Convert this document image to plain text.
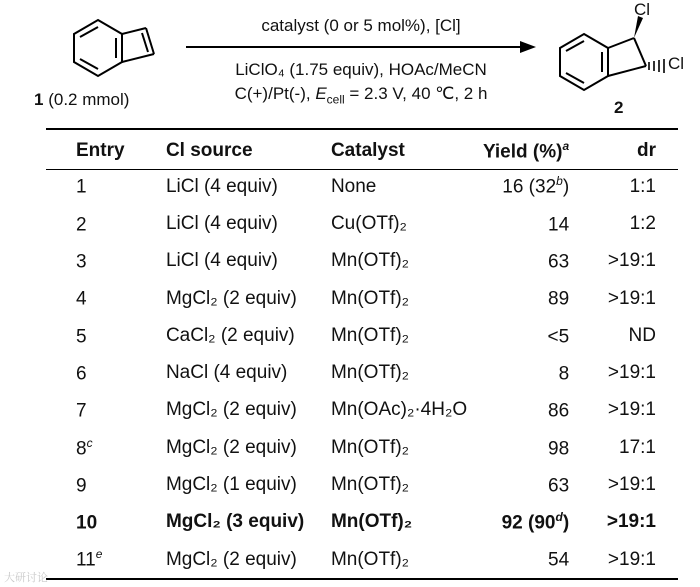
1 (0.2 mmol)
catalyst (0 or 5 mol%), [Cl]
LiClO₄ (1.75 equiv), HOAc/MeCN
C(+)/Pt(-), $E_{cell} = 2.3$ V, 40 ℃, 2 h
Cl
Cl
2
Entry	Cl source	Catalyst	Yield (%)$^a$	dr
1	LiCl (4 equiv)	None	16 (32$^b$)	1:1
2	LiCl (4 equiv)	Cu(OTf)₂	14	1:2
3	LiCl (4 equiv)	Mn(OTf)₂	63	>19:1
4	MgCl₂ (2 equiv)	Mn(OTf)₂	89	>19:1
5	CaCl₂ (2 equiv)	Mn(OTf)₂	<5	ND
6	NaCl (4 equiv)	Mn(OTf)₂	8	>19:1
7	MgCl₂ (2 equiv)	Mn(OAc)₂·4H₂O	86	>19:1
8$^c$	MgCl₂ (2 equiv)	Mn(OTf)₂	98	17:1
9	MgCl₂ (1 equiv)	Mn(OTf)₂	63	>19:1
10	MgCl₂ (3 equiv)	Mn(OTf)₂	92 $(90^d)$	>19:1
11e	MgCl₂ (2 equiv)	Mn(OTf)₂	54	>19:1
大研讨论
